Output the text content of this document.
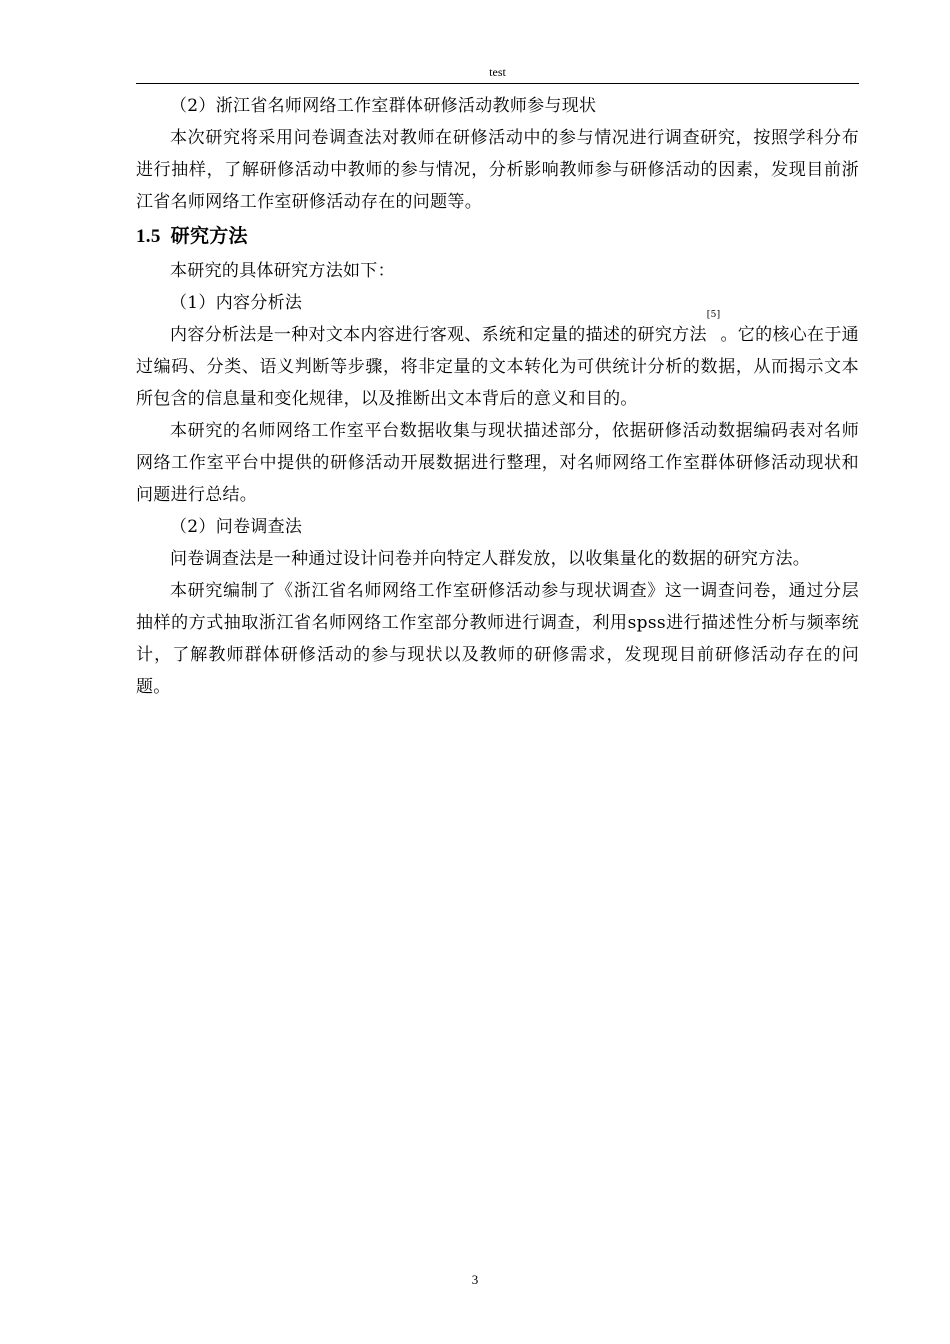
test

（2）浙江省名师网络工作室群体研修活动教师参与现状

本次研究将采用问卷调查法对教师在研修活动中的参与情况进行调查研究，按照学科分布进行抽样，了解研修活动中教师的参与情况，分析影响教师参与研修活动的因素，发现目前浙江省名师网络工作室研修活动存在的问题等。

1.5 研究方法

本研究的具体研究方法如下：

（1）内容分析法

内容分析法是一种对文本内容进行客观、系统和定量的描述的研究方法[5]。它的核心在于通过编码、分类、语义判断等步骤，将非定量的文本转化为可供统计分析的数据，从而揭示文本所包含的信息量和变化规律，以及推断出文本背后的意义和目的。

本研究的名师网络工作室平台数据收集与现状描述部分，依据研修活动数据编码表对名师网络工作室平台中提供的研修活动开展数据进行整理，对名师网络工作室群体研修活动现状和问题进行总结。

（2）问卷调查法

问卷调查法是一种通过设计问卷并向特定人群发放，以收集量化的数据的研究方法。

本研究编制了《浙江省名师网络工作室研修活动参与现状调查》这一调查问卷，通过分层抽样的方式抽取浙江省名师网络工作室部分教师进行调查，利用spss进行描述性分析与频率统计，了解教师群体研修活动的参与现状以及教师的研修需求，发现现目前研修活动存在的问题。

3
